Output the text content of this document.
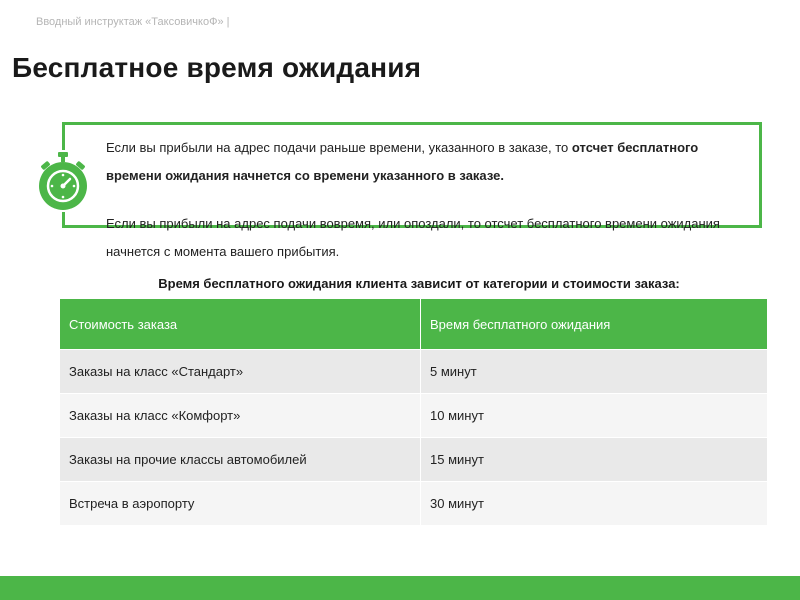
Вводный инструктаж «ТаксовичкоФ» |
Бесплатное время ожидания

Если вы прибыли на адрес подачи раньше времени, указанного в заказе, то отсчет бесплатного времени ожидания начнется со времени указанного в заказе.

Если вы прибыли на адрес подачи вовремя, или опоздали, то отсчет бесплатного времени ожидания начнется с момента вашего прибытия.

Время бесплатного ожидания клиента зависит от категории и стоимости заказа:
Стоимость заказа	Время бесплатного ожидания
Заказы на класс «Стандарт»	5 минут
Заказы на класс «Комфорт»	10 минут
Заказы на прочие классы автомобилей	15 минут
Встреча в аэропорту	30 минут
